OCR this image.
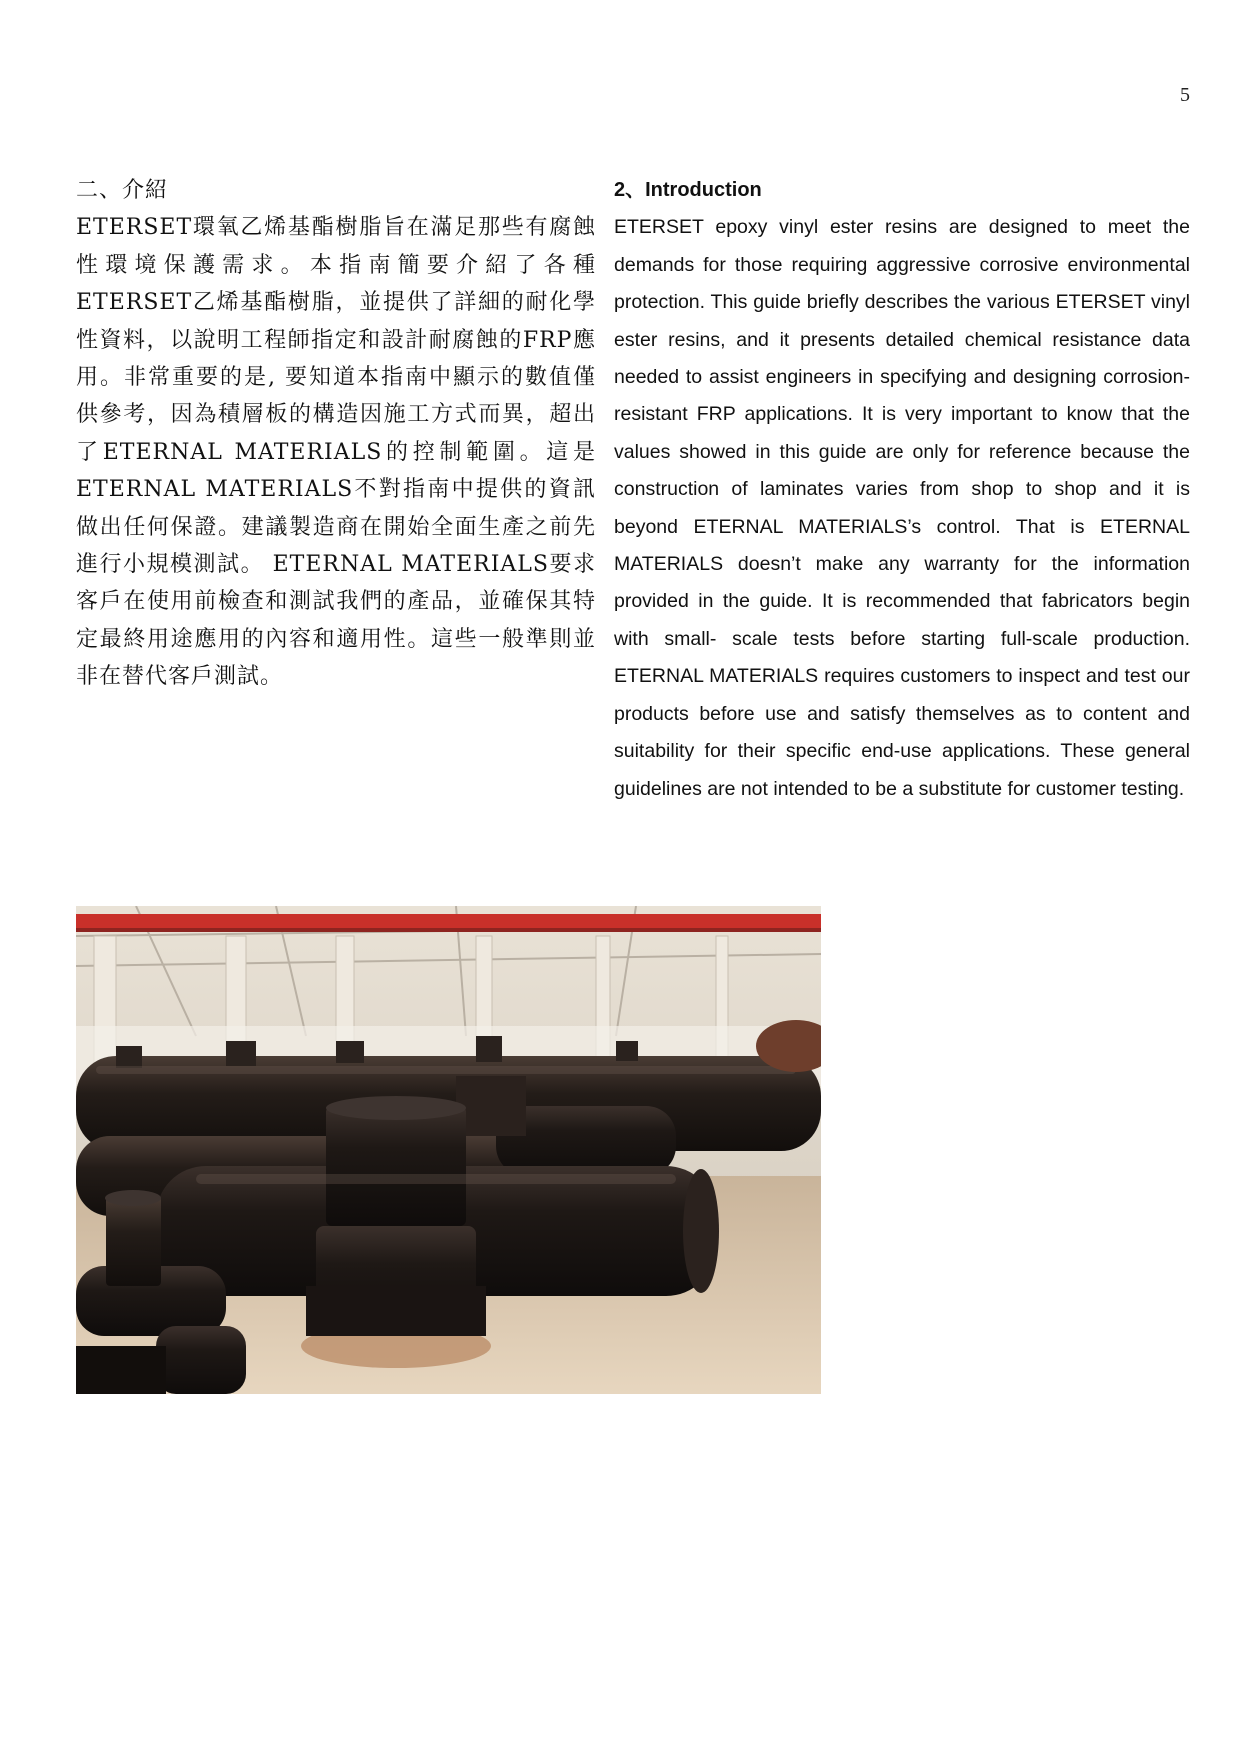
5

二、介紹

ETERSET環氧乙烯基酯樹脂旨在滿足那些有腐蝕性環境保護需求。本指南簡要介紹了各種ETERSET乙烯基酯樹脂，並提供了詳細的耐化學性資料，以說明工程師指定和設計耐腐蝕的FRP應用。非常重要的是, 要知道本指南中顯示的數值僅供參考，因為積層板的構造因施工方式而異，超出了ETERNAL MATERIALS的控制範圍。這是ETERNAL MATERIALS不對指南中提供的資訊做出任何保證。建議製造商在開始全面生產之前先進行小規模測試。 ETERNAL MATERIALS要求客戶在使用前檢查和測試我們的產品，並確保其特定最終用途應用的內容和適用性。這些一般準則並非在替代客戶測試。

2、Introduction

ETERSET epoxy vinyl ester resins are designed to meet the demands for those requiring aggressive corrosive environmental protection. This guide briefly describes the various ETERSET vinyl ester resins, and it presents detailed chemical resistance data needed to assist engineers in specifying and designing corrosion-resistant FRP applications. It is very important to know that the values showed in this guide are only for reference because the construction of laminates varies from shop to shop and it is beyond ETERNAL MATERIALS’s control. That is ETERNAL MATERIALS doesn’t make any warranty for the information provided in the guide. It is recommended that fabricators begin with small- scale tests before starting full-scale production. ETERNAL MATERIALS requires customers to inspect and test our products before use and satisfy themselves as to content and suitability for their specific end-use applications. These general guidelines are not intended to be a substitute for customer testing.
